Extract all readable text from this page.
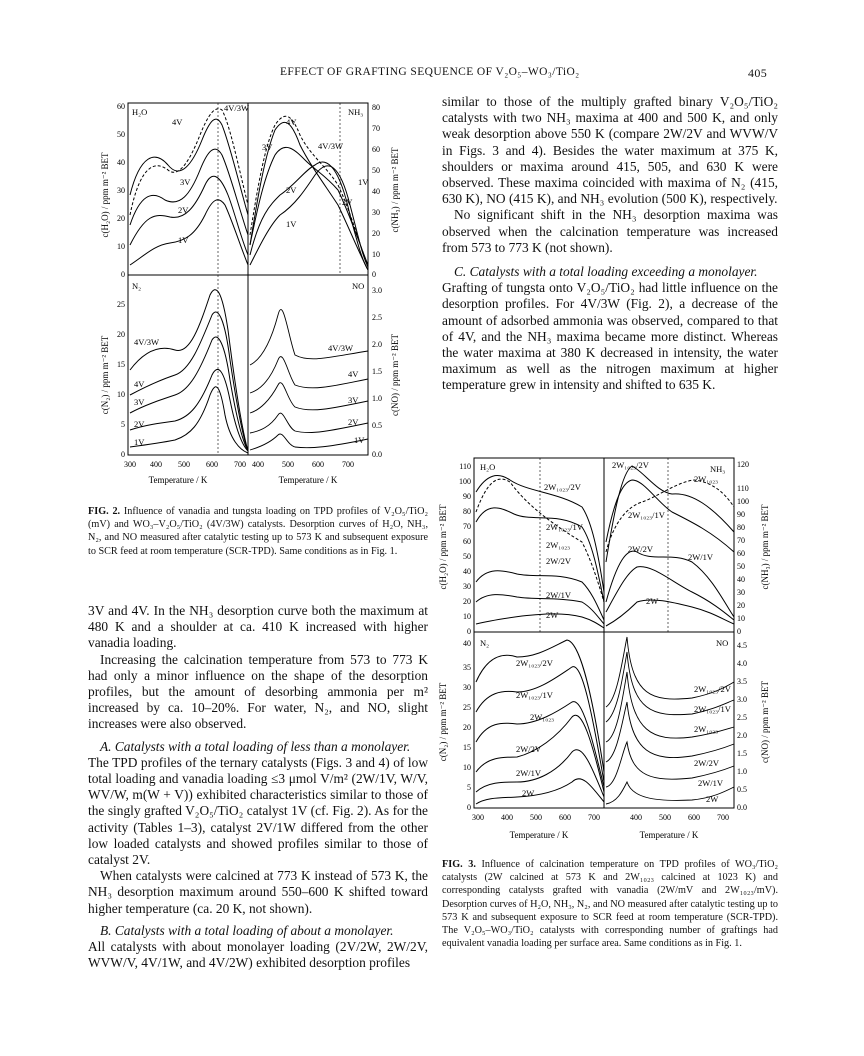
EFFECT OF GRAFTING SEQUENCE OF V₂O₅–WO₃/TiO₂	405
H₂O	NH₃
N₂	NO
4V/3W
4V
3V
2V
1V
4V
3V	4V/3W
1V
2V
2V
1V
4V/3W
4V
3V
2V
1V
4V/3W
4V
3V
2V
1V
0
10
20
30
40
50
60
0
10
20
30
40
50
60
70
80
0
5
10
15
20
25
0.0
0.5
1.0
1.5
2.0
2.5
3.0
300 400 500 600 700 400 500 600 700
Temperature / K	Temperature / K
c(H₂O) / ppm m⁻² BET
c(N₂) / ppm m⁻² BET
c(NH₃) / ppm m⁻² BET
c(NO) / ppm m⁻² BET
FIG. 2. Influence of vanadia and tungsta loading on TPD profiles of V₂O₅/TiO₂ (mV) and WO₃–V₂O₅/TiO₂ (4V/3W) catalysts. Desorption curves of H₂O, NH₃, N₂, and NO measured after catalytic testing up to 573 K and subsequent exposure to SCR feed at room temperature (SCR-TPD). Same conditions as in Fig. 1.

3V and 4V. In the NH₃ desorption curve both the maximum at 480 K and a shoulder at ca. 410 K increased with higher vanadia loading.

Increasing the calcination temperature from 573 to 773 K had only a minor influence on the shape of the desorption profiles, but the amount of desorbing ammonia per m² increased by ca. 10–20%. For water, N₂, and NO, slight increases were also observed.

A. Catalysts with a total loading of less than a monolayer.

The TPD profiles of the ternary catalysts (Figs. 3 and 4) of low total loading and vanadia loading ≤3 μmol V/m² (2W/1V, W/V, WV/W, m(W + V)) exhibited characteristics similar to those of the singly grafted V₂O₅/TiO₂ catalyst 1V (cf. Fig. 2). As for the activity (Tables 1–3), catalyst 2V/1W differed from the other low loaded catalysts and showed profiles similar to those of catalyst 2V.

When catalysts were calcined at 773 K instead of 573 K, the NH₃ desorption maximum around 550–600 K shifted toward higher temperature (ca. 20 K, not shown).

B. Catalysts with a total loading of about a monolayer.

All catalysts with about monolayer loading (2V/2W, 2W/2V, WVW/V, 4V/1W, and 4V/2W) exhibited desorption profiles

similar to those of the multiply grafted binary V₂O₅/TiO₂ catalysts with two NH₃ maxima at 400 and 500 K, and only weak desorption above 550 K (compare 2W/2V and WVW/V in Figs. 3 and 4). Besides the water maximum at 375 K, shoulders or maxima around 415, 505, and 630 K were observed. These maxima coincided with maxima of N₂ (415, 630 K), NO (415 K), and NH₃ evolution (500 K), respectively.

No significant shift in the NH₃ desorption maxima was observed when the calcination temperature was increased from 573 to 773 K (not shown).

C. Catalysts with a total loading exceeding a monolayer.

Grafting of tungsta onto V₂O₅/TiO₂ had little influence on the desorption profiles. For 4V/3W (Fig. 2), a decrease of the amount of adsorbed ammonia was observed, compared to that of 4V, and the NH₃ maxima became more distinct. Whereas the water maxima at 380 K decreased in intensity, the water maximum as well as the nitrogen maximum at higher temperature grew in intensity and shifted to 635 K.

H₂O	NH₃
N₂	NO
2W₁₀₂₃/2V
2W₁₀₂₃/1V
2W₁₀₂₃
2W/2V
2W/1V
2W
2W₁₀₂₃/2V
2W₁₀₂₃
2W₁₀₂₃/1V
2W/2V
2W/1V
2W
2W₁₀₂₃/2V
2W₁₀₂₃/1V
2W₁₀₂₃
2W/2V
2W/1V
2W
2W₁₀₂₃/2V
2W₁₀₂₃/1V
2W₁₀₂₃
2W/2V
2W/1V
2W
0
10
20
30
40
50
60
70
80
90
100
110
0
10
20
30
40
50
60
70
80
90
100
110
120
0
5
10
15
20
25
30
35
40
0.0
0.5
1.0
1.5
2.0
2.5
3.0
3.5
4.0
4.5
300 400 500 600 700	400 500 600 700
Temperature / K	Temperature / K
c(H₂O) / ppm m⁻² BET
c(N₂) / ppm m⁻² BET
c(NH₃) / ppm m⁻² BET
c(NO) / ppm m⁻² BET
FIG. 3. Influence of calcination temperature on TPD profiles of WO₃/TiO₂ catalysts (2W calcined at 573 K and 2W₁₀₂₃ calcined at 1023 K) and corresponding catalysts grafted with vanadia (2W/mV and 2W₁₀₂₃/mV). Desorption curves of H₂O, NH₃, N₂, and NO measured after catalytic testing up to 573 K and subsequent exposure to SCR feed at room temperature (SCR-TPD). The V₂O₅–WO₃/TiO₂ catalysts with corresponding number of graftings had equivalent vanadia loading per surface area. Same conditions as in Fig. 1.
